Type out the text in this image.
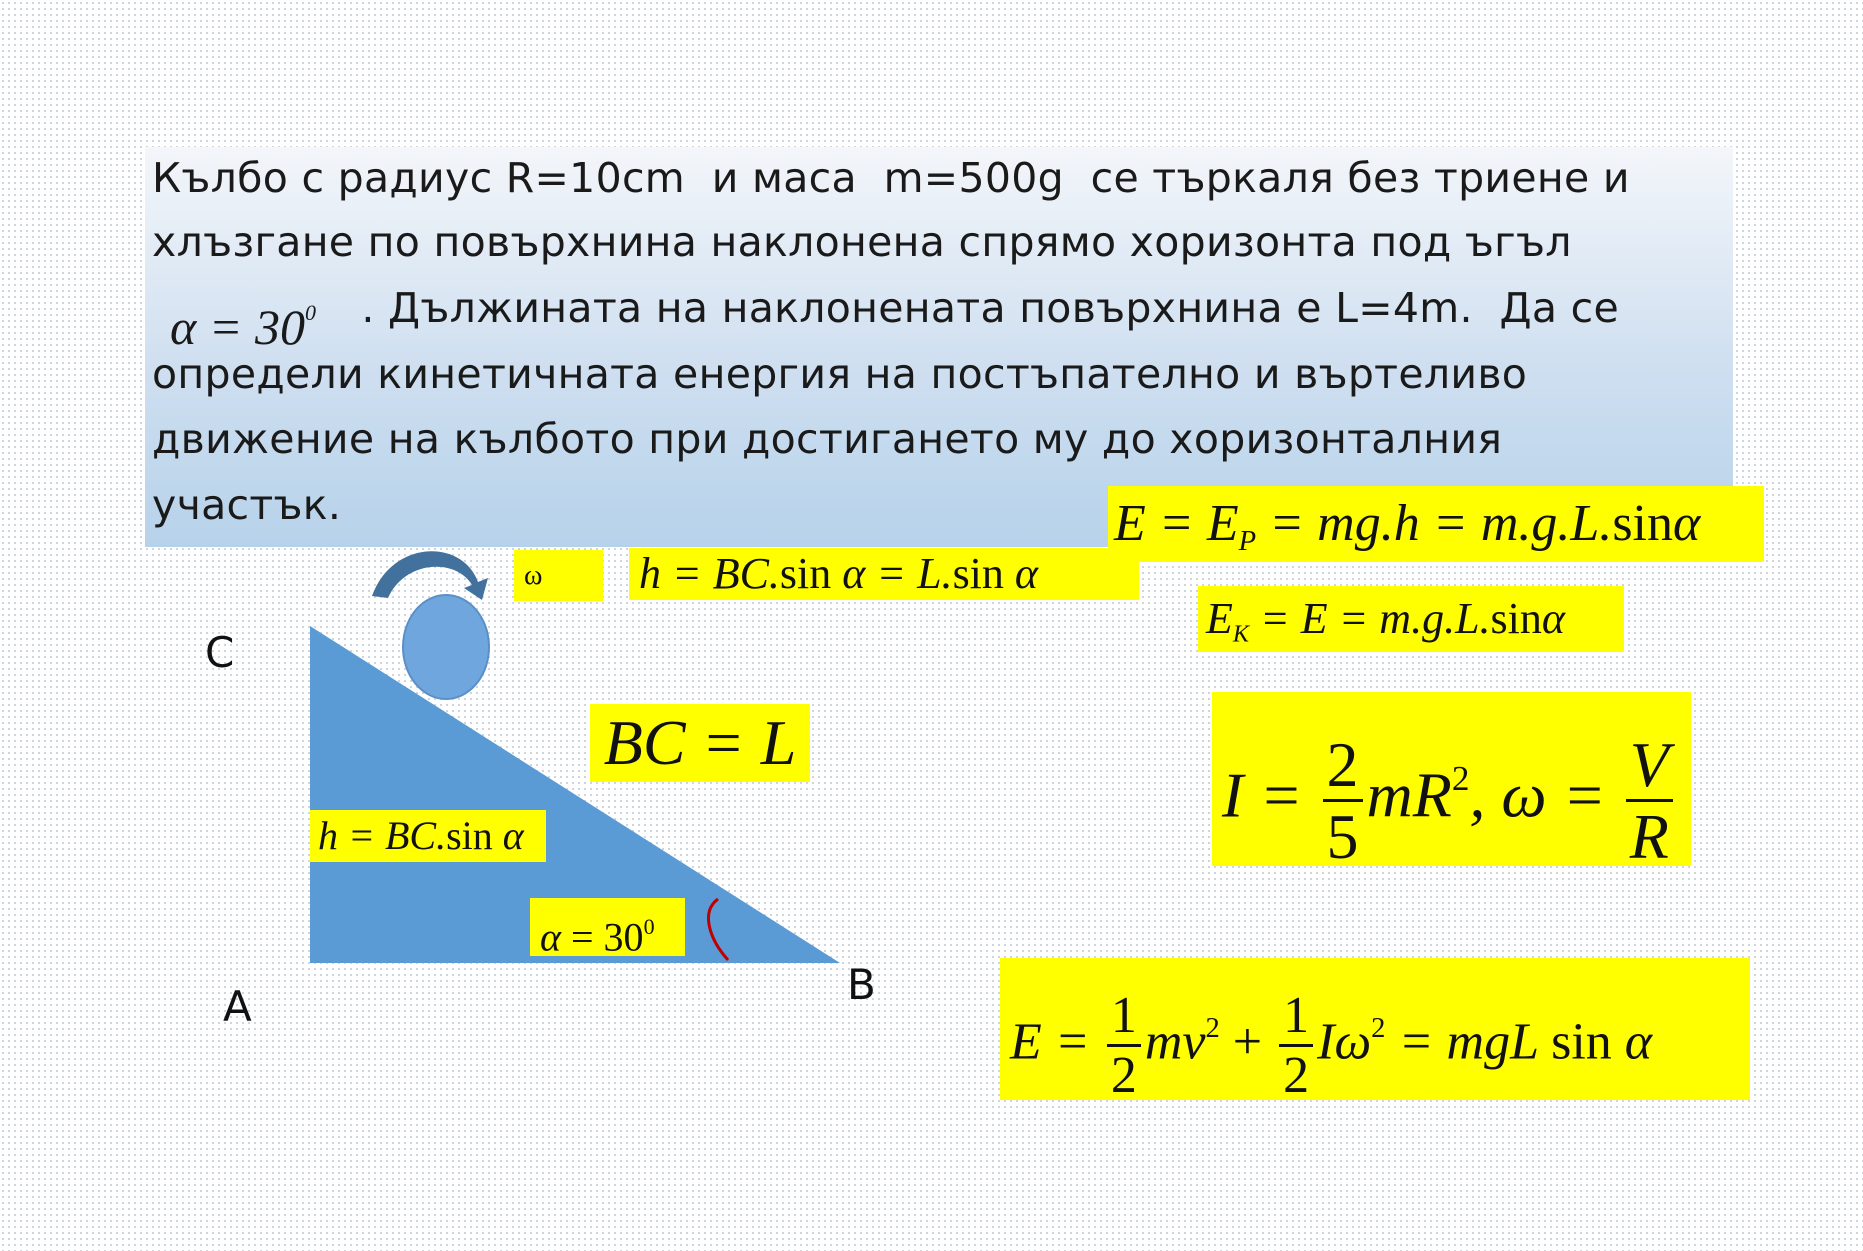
Кълбо с радиус R=10cm  и маса  m=500g  се търкаля без триене и
хлъзгане по повърхнина наклонена спрямо хоризонта под ъгъл
$\alpha = 30^0$ . Дължината на наклонената повърхнина е L=4m.  Да се
определи кинетичната енергия на постъпателно и въртеливо
движение на кълбото при достигането му до хоризонталния
участък.
C
A	B
ω
BC = L
h = BC.sin α
$\alpha = 30^0$
h = BC.sin α = L.sin α
E = EP = mg.h = m.g.L.sinα
EK = E = m.g.L.sinα
$I = \frac{2}{5} mR^2$, $\omega = \frac{V}{R}$
$E = \frac{1}{2} mv^2 + \frac{1}{2} I\omega^2$ = mgL sin α
